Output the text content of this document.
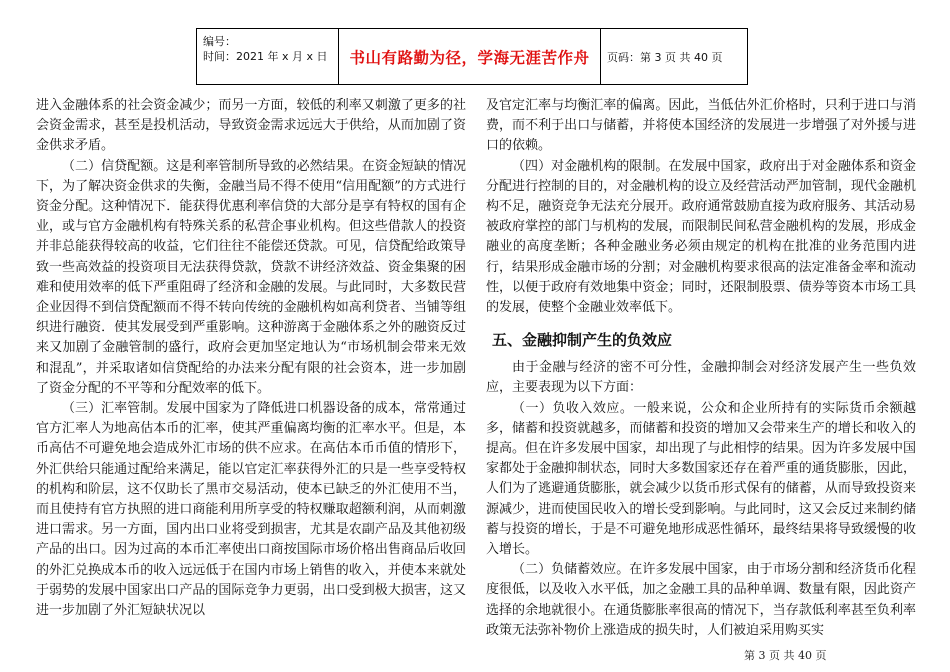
编号：
时间：2021 年 x 月 x 日	书山有路勤为径，学海无涯苦作舟	页码：第 3 页 共 40 页

进入金融体系的社会资金减少；而另一方面，较低的利率又刺激了更多的社会资金需求，甚至是投机活动，导致资金需求远远大于供给，从而加剧了资金供求矛盾。

（二）信贷配额。这是利率管制所导致的必然结果。在资金短缺的情况下，为了解决资金供求的失衡，金融当局不得不使用“信用配额”的方式进行资金分配。这种情况下．能获得优惠利率信贷的大部分是享有特权的国有企业，或与官方金融机构有特殊关系的私营企事业机构。但这些借款人的投资并非总能获得较高的收益，它们往往不能偿还贷款。可见，信贷配给政策导致一些高效益的投资项目无法获得贷款，贷款不讲经济效益、资金集聚的困难和使用效率的低下严重阻碍了经济和金融的发展。与此同时，大多数民营企业因得不到信贷配额而不得不转向传统的金融机构如高利贷者、当铺等组织进行融资．使其发展受到严重影响。这种游离于金融体系之外的融资反过来又加剧了金融管制的盛行，政府会更加坚定地认为“市场机制会带来无效和混乱”，并采取诸如信贷配给的办法来分配有限的社会资本，进一步加剧了资金分配的不平等和分配效率的低下。

（三）汇率管制。发展中国家为了降低进口机器设备的成本，常常通过官方汇率人为地高估本币的汇率，使其严重偏离均衡的汇率水平。但是，本币高估不可避免地会造成外汇市场的供不应求。在高估本币币值的情形下，外汇供给只能通过配给来满足，能以官定汇率获得外汇的只是一些享受特权的机构和阶层，这不仅助长了黑市交易活动，使本已缺乏的外汇使用不当，而且使持有官方执照的进口商能利用所享受的特权赚取超额利润，从而刺激进口需求。另一方面，国内出口业将受到损害，尤其是农副产品及其他初级产品的出口。因为过高的本币汇率使出口商按国际市场价格出售商品后收回的外汇兑换成本币的收入远远低于在国内市场上销售的收入，并使本来就处于弱势的发展中国家出口产品的国际竞争力更弱，出口受到极大损害，这又进一步加剧了外汇短缺状况以

及官定汇率与均衡汇率的偏离。因此，当低估外汇价格时，只利于进口与消费，而不利于出口与储蓄，并将使本国经济的发展进一步增强了对外援与进口的依赖。

（四）对金融机构的限制。在发展中国家，政府出于对金融体系和资金分配进行控制的目的，对金融机构的设立及经营活动严加管制，现代金融机构不足，融资竞争无法充分展开。政府通常鼓励直接为政府服务、其活动易被政府掌控的部门与机构的发展，而限制民间私营金融机构的发展，形成金融业的高度垄断；各种金融业务必须由规定的机构在批准的业务范围内进行，结果形成金融市场的分割；对金融机构要求很高的法定准备金率和流动性，以便于政府有效地集中资金；同时，还限制股票、债券等资本市场工具的发展，使整个金融业效率低下。

五、金融抑制产生的负效应

由于金融与经济的密不可分性，金融抑制会对经济发展产生一些负效应，主要表现为以下方面：

（一）负收入效应。一般来说，公众和企业所持有的实际货币余额越多，储蓄和投资就越多，而储蓄和投资的增加又会带来生产的增长和收入的提高。但在许多发展中国家，却出现了与此相悖的结果。因为许多发展中国家都处于金融抑制状态，同时大多数国家还存在着严重的通货膨胀，因此，人们为了逃避通货膨胀，就会减少以货币形式保有的储蓄，从而导致投资来源减少，进而使国民收入的增长受到影响。与此同时，这又会反过来制约储蓄与投资的增长，于是不可避免地形成恶性循环，最终结果将导致缓慢的收入增长。

（二）负储蓄效应。在许多发展中国家，由于市场分割和经济货币化程度很低，以及收入水平低，加之金融工具的品种单调、数量有限，因此资产选择的余地就很小。在通货膨胀率很高的情况下，当存款低利率甚至负利率政策无法弥补物价上涨造成的损失时，人们被迫采用购买实

第 3 页 共 40 页
